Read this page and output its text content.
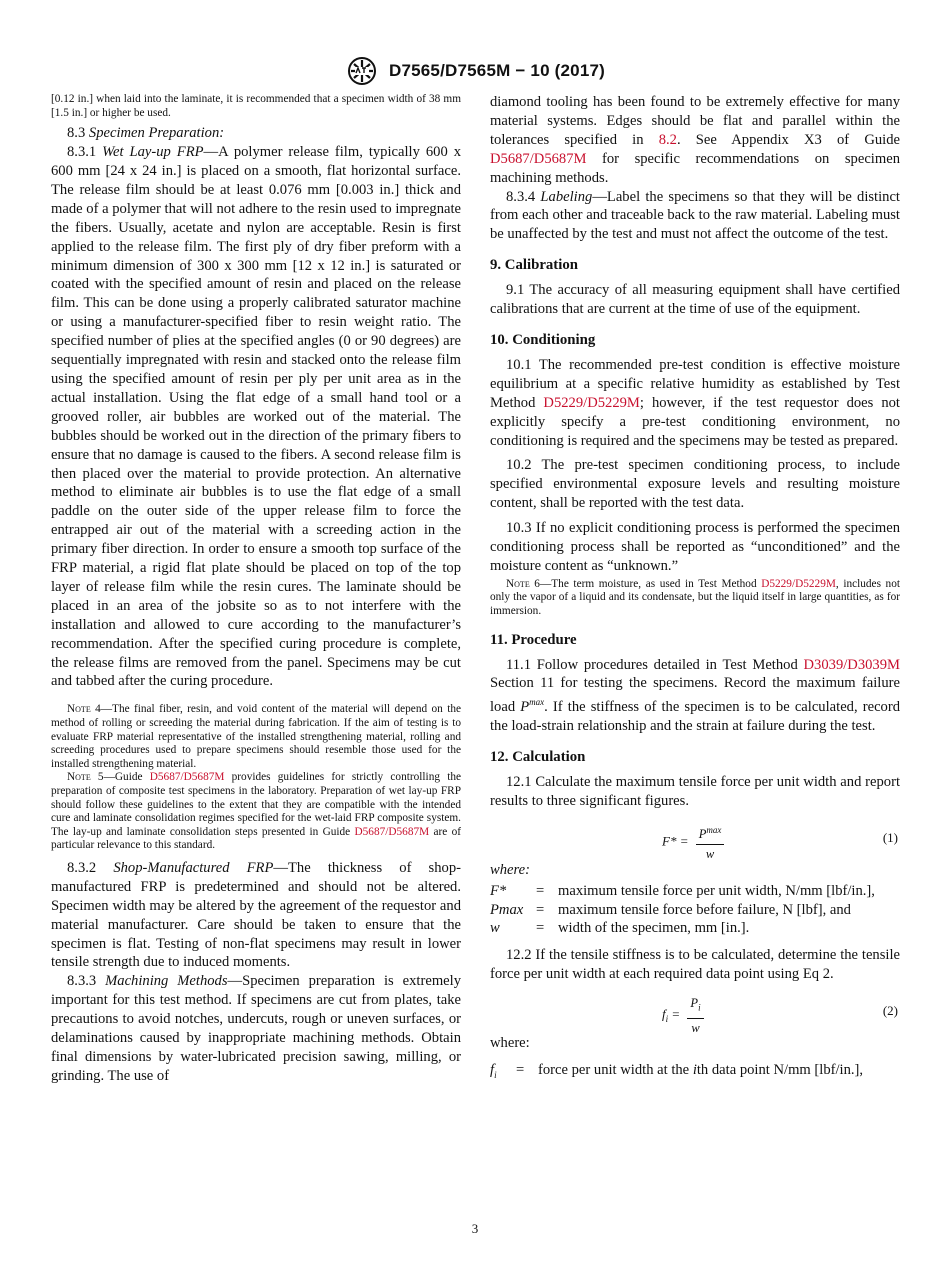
D7565/D7565M − 10 (2017)

[0.12 in.] when laid into the laminate, it is recommended that a specimen width of 38 mm [1.5 in.] or higher be used.

8.3 Specimen Preparation:

8.3.1 Wet Lay-up FRP—A polymer release film, typically 600 x 600 mm [24 x 24 in.] is placed on a smooth, flat horizontal surface. The release film should be at least 0.076 mm [0.003 in.] thick and made of a polymer that will not adhere to the resin used to impregnate the fibers. Usually, acetate and nylon are acceptable. Resin is first applied to the release film. The first ply of dry fiber preform with a minimum dimension of 300 x 300 mm [12 x 12 in.] is saturated or coated with the specified amount of resin and placed on the release film. This can be done using a properly calibrated saturator machine or using a manufacturer-specified fiber to resin weight ratio. The specified number of plies at the specified angles (0 or 90 degrees) are sequentially impregnated with resin and stacked onto the release film using the specified amount of resin per ply per unit area as in the actual installation. Using the flat edge of a small hand tool or a grooved roller, air bubbles are worked out of the material. The bubbles should be worked out in the direction of the primary fibers to ensure that no damage is caused to the fibers. A second release film is then placed over the material to provide protection. An alternative method to eliminate air bubbles is to use the flat edge of a small paddle on the outer side of the upper release film to force the entrapped air out of the material with a screeding action in the primary fiber direction. In order to ensure a smooth top surface of the FRP material, a rigid flat plate should be placed on top of the top layer of release film while the resin cures. The laminate should be placed in an area of the jobsite so as to not interfere with the installation and allowed to cure according to the manufacturer’s recommendation. After the specified curing procedure is complete, the release films are removed from the panel. Specimens may be cut and tabbed after the curing procedure.

Note 4—The final fiber, resin, and void content of the material will depend on the method of rolling or screeding the material during fabrication. If the aim of testing is to evaluate FRP material representative of the installed strengthening material, rolling and screeding procedures used to prepare specimens should resemble those used for the installed strengthening material.

Note 5—Guide D5687/D5687M provides guidelines for strictly controlling the preparation of composite test specimens in the laboratory. Preparation of wet lay-up FRP should follow these guidelines to the extent that they are compatible with the intended cure and laminate consolidation regimes specified for the wet-laid FRP composite system. The lay-up and laminate consolidation steps presented in Guide D5687/D5687M are of particular relevance to this standard.

8.3.2 Shop-Manufactured FRP—The thickness of shop-manufactured FRP is predetermined and should not be altered. Specimen width may be altered by the agreement of the requestor and material manufacturer. Care should be taken to ensure that the specimen is flat. Testing of non-flat specimens may result in lower tensile strength due to induced moments.

8.3.3 Machining Methods—Specimen preparation is extremely important for this test method. If specimens are cut from plates, take precautions to avoid notches, undercuts, rough or uneven surfaces, or delaminations caused by inappropriate machining methods. Obtain final dimensions by water-lubricated precision sawing, milling, or grinding. The use of

diamond tooling has been found to be extremely effective for many material systems. Edges should be flat and parallel within the tolerances specified in 8.2. See Appendix X3 of Guide D5687/D5687M for specific recommendations on specimen machining methods.

8.3.4 Labeling—Label the specimens so that they will be distinct from each other and traceable back to the raw material. Labeling must be unaffected by the test and must not affect the outcome of the test.

9. Calibration

9.1 The accuracy of all measuring equipment shall have certified calibrations that are current at the time of use of the equipment.

10. Conditioning

10.1 The recommended pre-test condition is effective moisture equilibrium at a specific relative humidity as established by Test Method D5229/D5229M; however, if the test requestor does not explicitly specify a pre-test conditioning environment, no conditioning is required and the specimens may be tested as prepared.

10.2 The pre-test specimen conditioning process, to include specified environmental exposure levels and resulting moisture content, shall be reported with the test data.

10.3 If no explicit conditioning process is performed the specimen conditioning process shall be reported as “unconditioned” and the moisture content as “unknown.”

Note 6—The term moisture, as used in Test Method D5229/D5229M, includes not only the vapor of a liquid and its condensate, but the liquid itself in large quantities, as for immersion.

11. Procedure

11.1 Follow procedures detailed in Test Method D3039/D3039M Section 11 for testing the specimens. Record the maximum failure load $P^{max}$. If the stiffness of the specimen is to be calculated, record the load-strain relationship and the strain at failure during the test.

12. Calculation

12.1 Calculate the maximum tensile force per unit width and report results to three significant figures.

$F* = \frac{P^{max}}{w}$	(1)

where:

F*	= maximum tensile force per unit width, N/mm [lbf/in.],
Pmax = maximum tensile force before failure, N [lbf], and
w	= width of the specimen, mm [in.].

12.2 If the tensile stiffness is to be calculated, determine the tensile force per unit width at each required data point using Eq 2.

$f_i = \frac{P_i}{w}$	(2)

where:

$f_i$	= force per unit width at the ith data point N/mm [lbf/in.],
3
